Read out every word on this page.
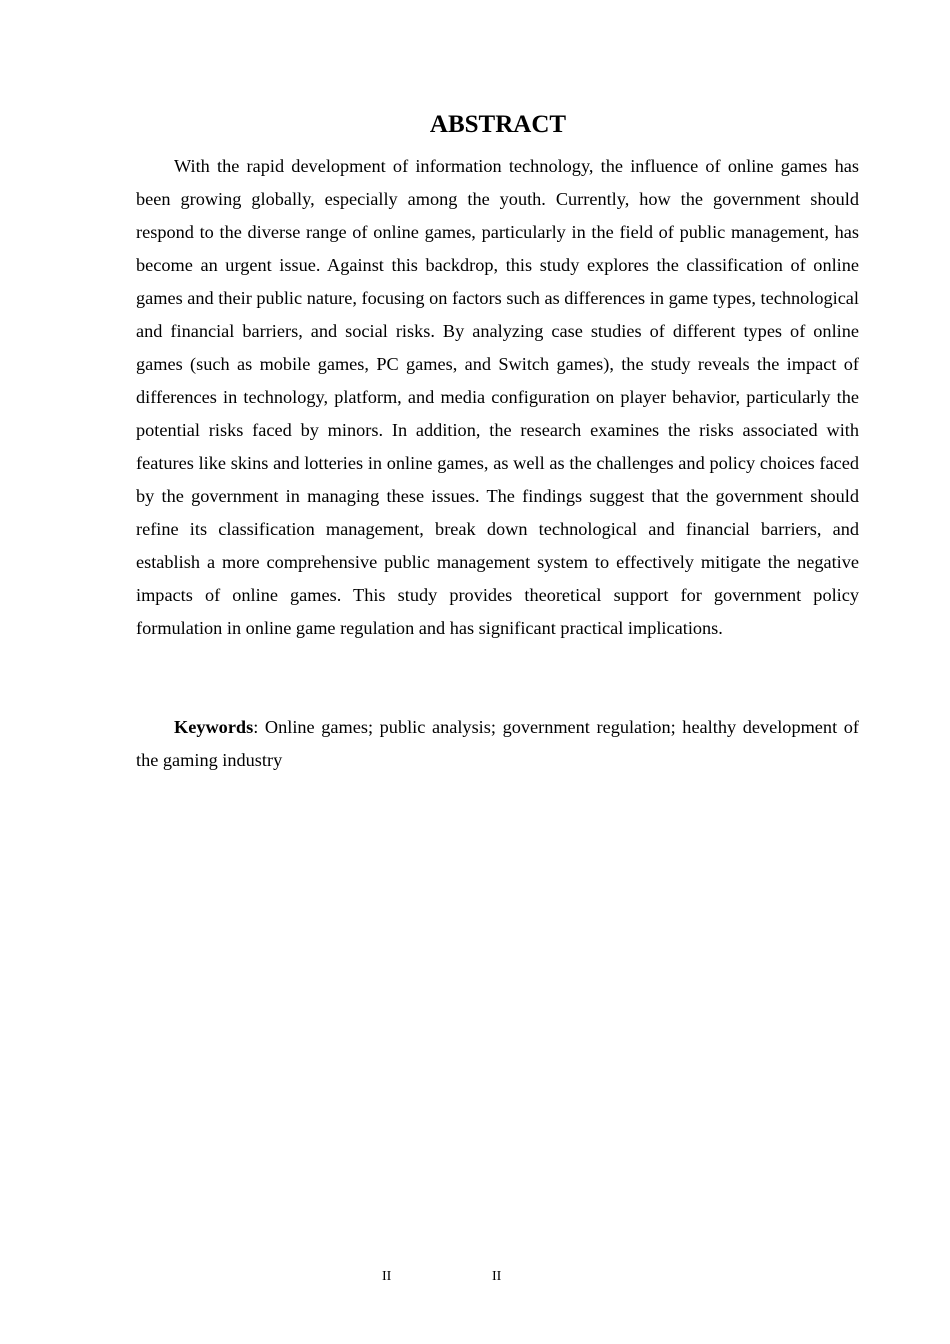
ABSTRACT

With the rapid development of information technology, the influence of online games has been growing globally, especially among the youth. Currently, how the government should respond to the diverse range of online games, particularly in the field of public management, has become an urgent issue. Against this backdrop, this study explores the classification of online games and their public nature, focusing on factors such as differences in game types, technological and financial barriers, and social risks. By analyzing case studies of different types of online games (such as mobile games, PC games, and Switch games), the study reveals the impact of differences in technology, platform, and media configuration on player behavior, particularly the potential risks faced by minors. In addition, the research examines the risks associated with features like skins and lotteries in online games, as well as the challenges and policy choices faced by the government in managing these issues. The findings suggest that the government should refine its classification management, break down technological and financial barriers, and establish a more comprehensive public management system to effectively mitigate the negative impacts of online games. This study provides theoretical support for government policy formulation in online game regulation and has significant practical implications.

Keywords: Online games; public analysis; government regulation; healthy development of the gaming industry

II	II
